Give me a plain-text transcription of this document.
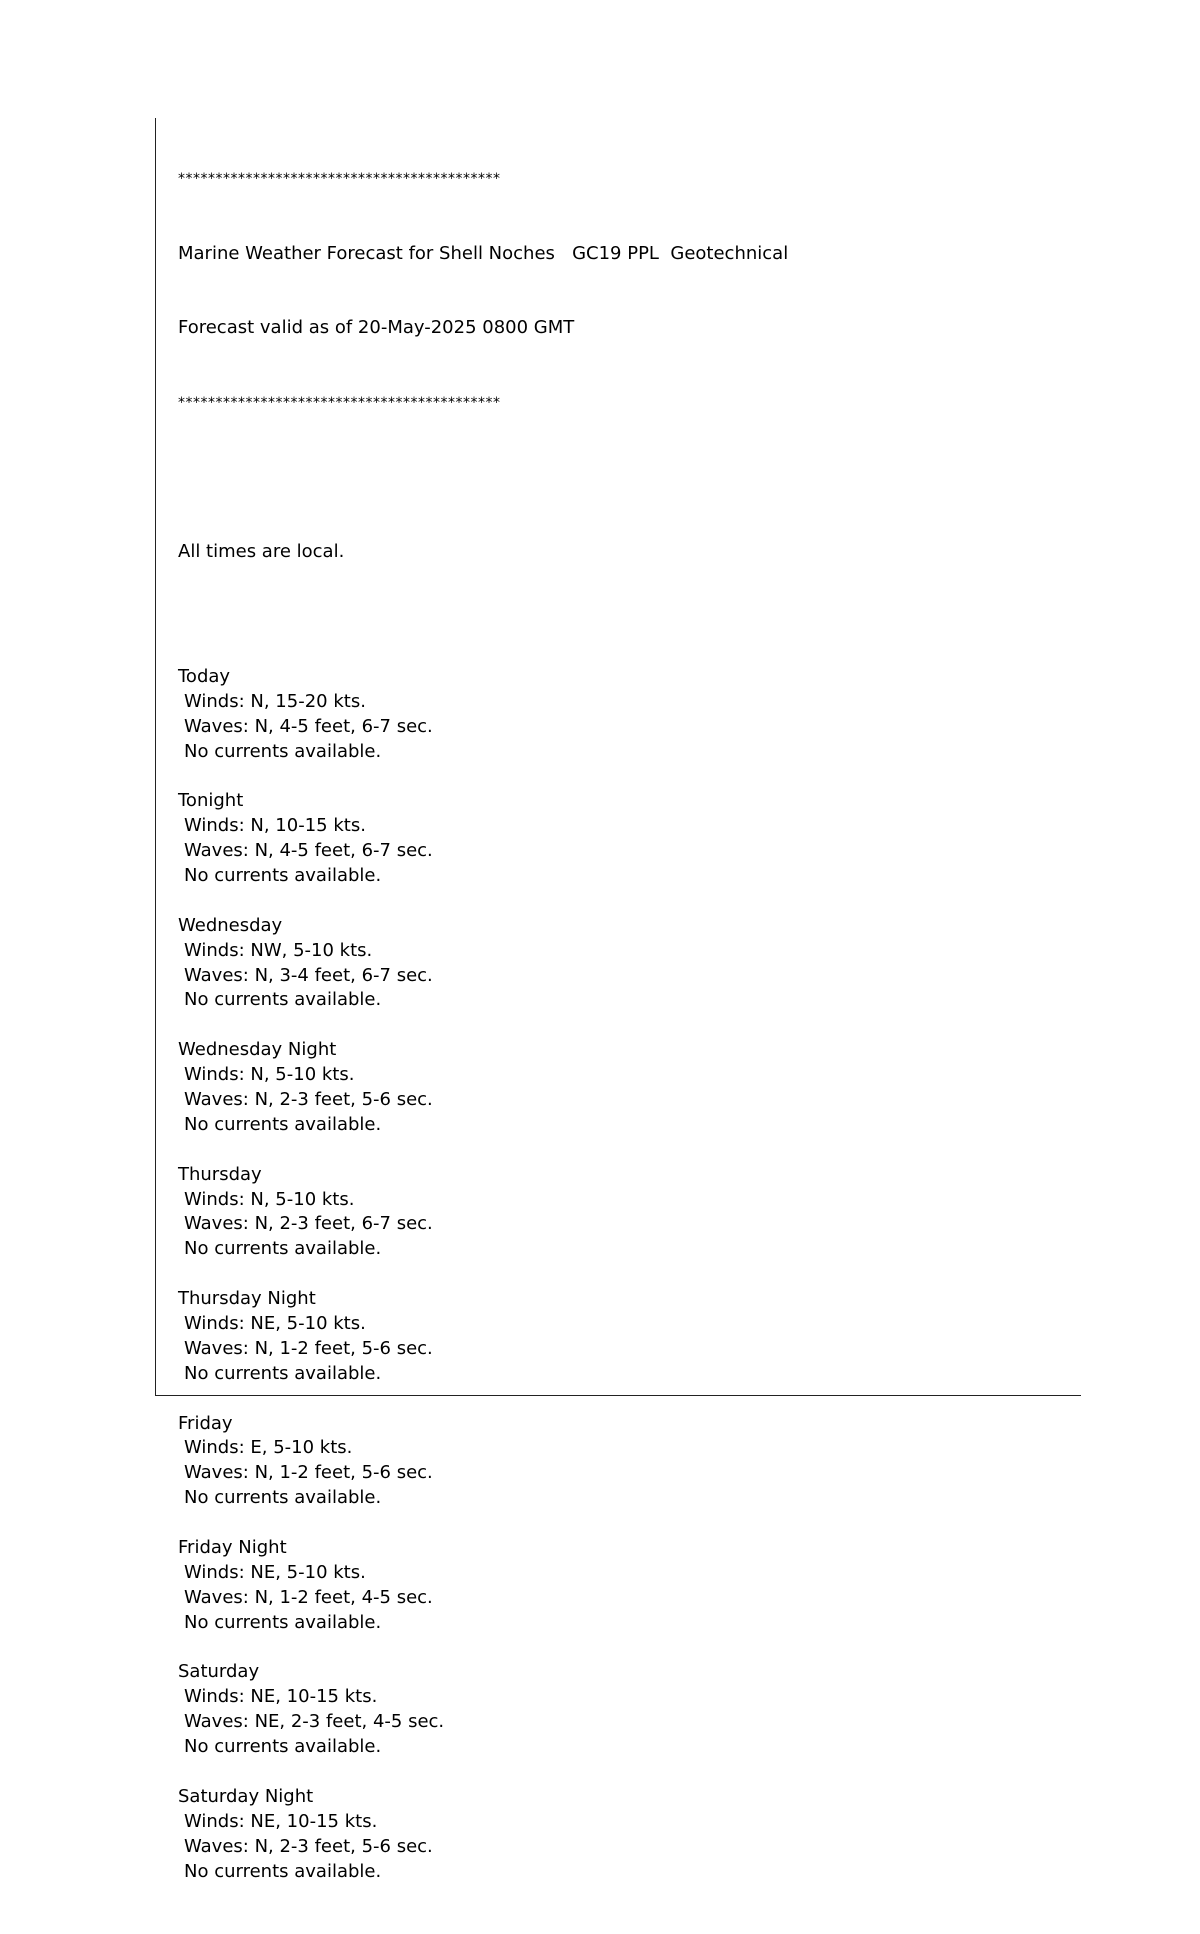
*******************************************

Marine Weather Forecast for Shell Noches   GC19 PPL  Geotechnical

Forecast valid as of 20-May-2025 0800 GMT

*******************************************

All times are local.

Today
Winds: N, 15-20 kts.
Waves: N, 4-5 feet, 6-7 sec.
No currents available.
Tonight
Winds: N, 10-15 kts.
Waves: N, 4-5 feet, 6-7 sec.
No currents available.
Wednesday
Winds: NW, 5-10 kts.
Waves: N, 3-4 feet, 6-7 sec.
No currents available.
Wednesday Night
Winds: N, 5-10 kts.
Waves: N, 2-3 feet, 5-6 sec.
No currents available.
Thursday
Winds: N, 5-10 kts.
Waves: N, 2-3 feet, 6-7 sec.
No currents available.
Thursday Night
Winds: NE, 5-10 kts.
Waves: N, 1-2 feet, 5-6 sec.
No currents available.
Friday
Winds: E, 5-10 kts.
Waves: N, 1-2 feet, 5-6 sec.
No currents available.
Friday Night
Winds: NE, 5-10 kts.
Waves: N, 1-2 feet, 4-5 sec.
No currents available.
Saturday
Winds: NE, 10-15 kts.
Waves: NE, 2-3 feet, 4-5 sec.
No currents available.
Saturday Night
Winds: NE, 10-15 kts.
Waves: N, 2-3 feet, 5-6 sec.
No currents available.
